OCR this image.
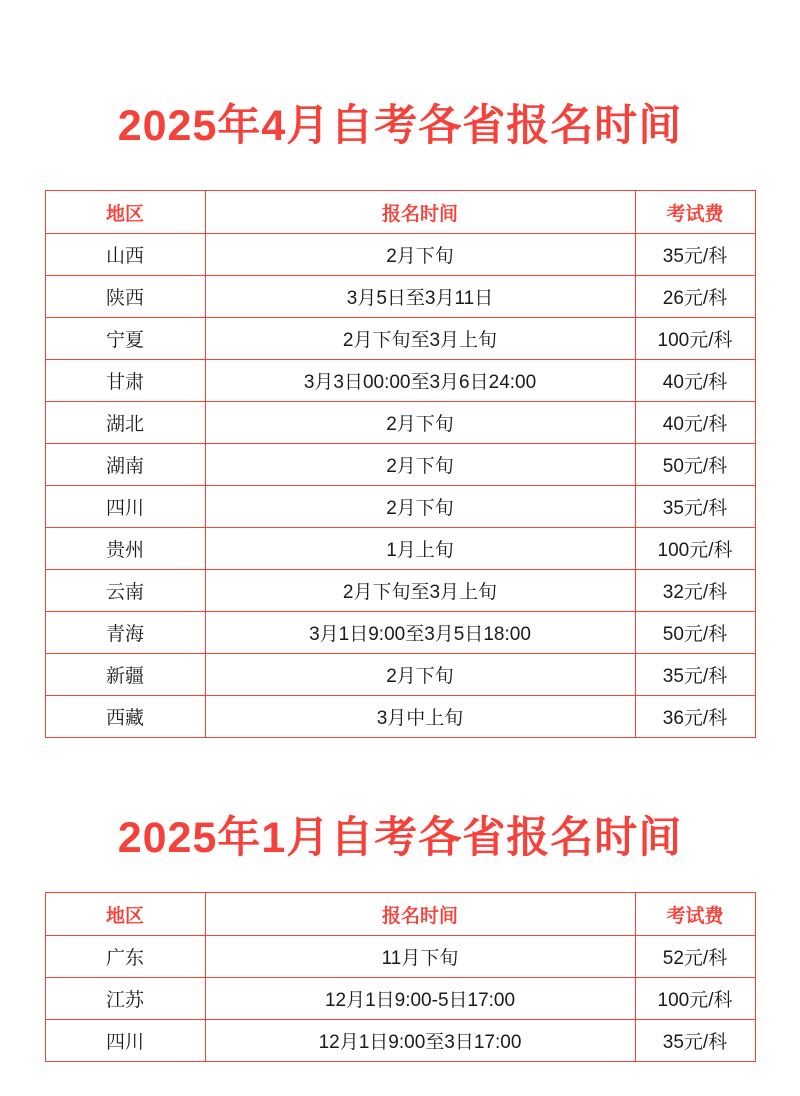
2025年4月自考各省报名时间
地区	报名时间	考试费
山西	2月下旬	35元/科
陕西	3月5日至3月11日	26元/科
宁夏	2月下旬至3月上旬	100元/科
甘肃	3月3日00:00至3月6日24:00	40元/科
湖北	2月下旬	40元/科
湖南	2月下旬	50元/科
四川	2月下旬	35元/科
贵州	1月上旬	100元/科
云南	2月下旬至3月上旬	32元/科
青海	3月1日9:00至3月5日18:00	50元/科
新疆	2月下旬	35元/科
西藏	3月中上旬	36元/科
2025年1月自考各省报名时间
地区	报名时间	考试费
广东	11月下旬	52元/科
江苏	12月1日9:00-5日17:00	100元/科
四川	12月1日9:00至3日17:00	35元/科
